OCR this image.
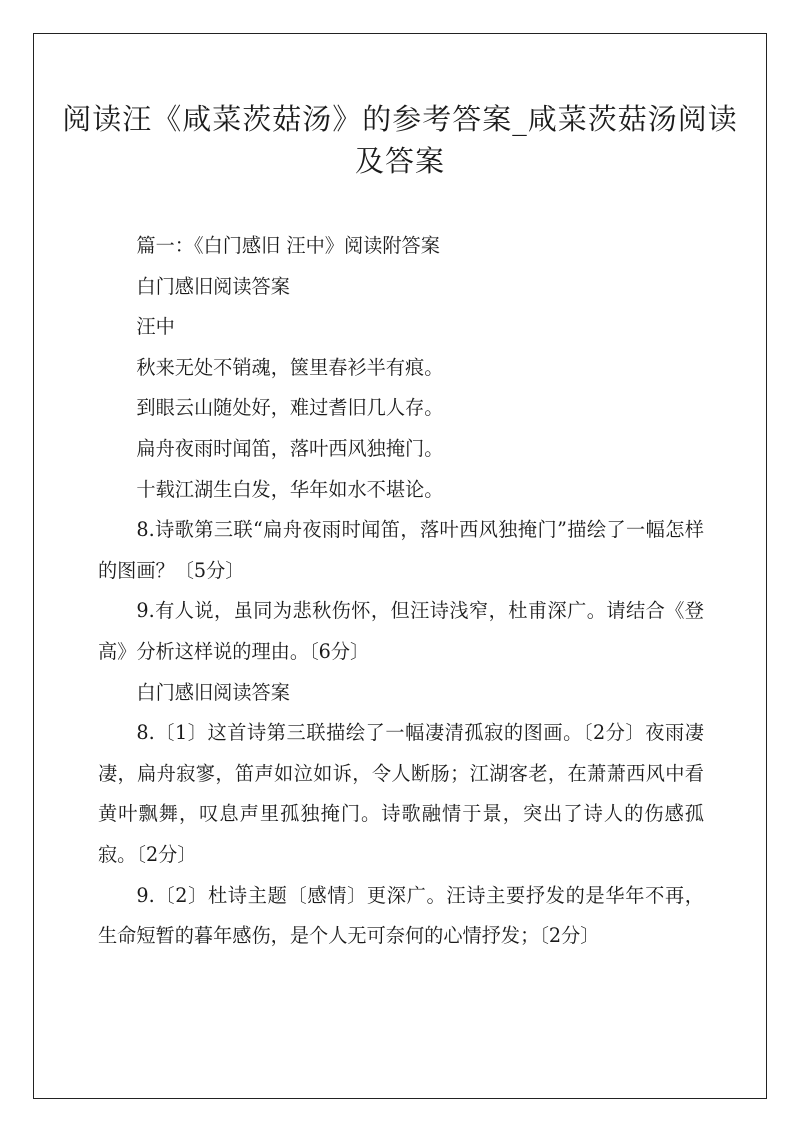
阅读汪《咸菜茨菇汤》的参考答案_咸菜茨菇汤阅读及答案

篇一：《白门感旧 汪中》阅读附答案

白门感旧阅读答案

汪中

秋来无处不销魂，箧里春衫半有痕。

到眼云山随处好，难过耆旧几人存。

扁舟夜雨时闻笛，落叶西风独掩门。

十载江湖生白发，华年如水不堪论。

8.诗歌第三联“扁舟夜雨时闻笛，落叶西风独掩门”描绘了一幅怎样的图画？〔5分〕

9.有人说，虽同为悲秋伤怀，但汪诗浅窄，杜甫深广。请结合《登高》分析这样说的理由。〔6分〕

白门感旧阅读答案

8.〔1〕这首诗第三联描绘了一幅凄清孤寂的图画。〔2分〕夜雨凄凄，扁舟寂寥，笛声如泣如诉，令人断肠；江湖客老，在萧萧西风中看黄叶飘舞，叹息声里孤独掩门。诗歌融情于景，突出了诗人的伤感孤寂。〔2分〕

9.〔2〕杜诗主题〔感情〕更深广。汪诗主要抒发的是华年不再，生命短暂的暮年感伤，是个人无可奈何的心情抒发；〔2分〕
